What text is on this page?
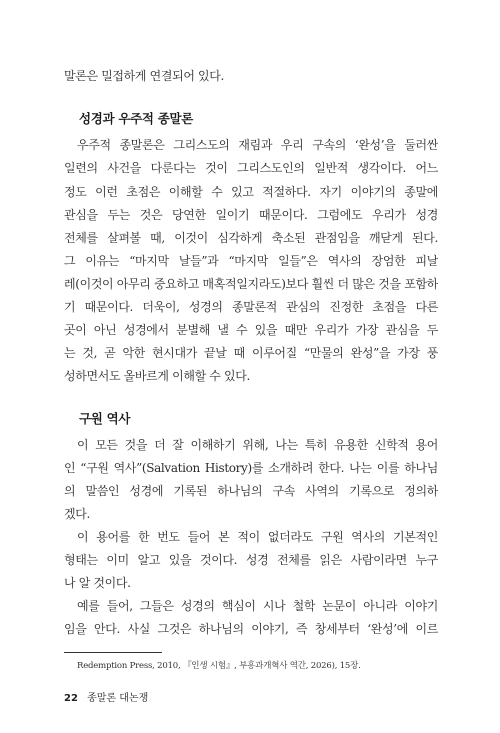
말론은 밀접하게 연결되어 있다.
성경과 우주적 종말론
우주적 종말론은 그리스도의 재림과 우리 구속의 ‘완성’을 둘러싼
일련의 사건을 다룬다는 것이 그리스도인의 일반적 생각이다. 어느
정도 이런 초점은 이해할 수 있고 적절하다. 자기 이야기의 종말에
관심을 두는 것은 당연한 일이기 때문이다. 그럼에도 우리가 성경
전체를 살펴볼 때, 이것이 심각하게 축소된 관점임을 깨닫게 된다.
그 이유는 “마지막 날들”과 “마지막 일들”은 역사의 장엄한 피날
레(이것이 아무리 중요하고 매혹적일지라도)보다 훨씬 더 많은 것을 포함하
기 때문이다. 더욱이, 성경의 종말론적 관심의 진정한 초점을 다른
곳이 아닌 성경에서 분별해 낼 수 있을 때만 우리가 가장 관심을 두
는 것, 곧 악한 현시대가 끝날 때 이루어질 “만물의 완성”을 가장 풍
성하면서도 올바르게 이해할 수 있다.
구원 역사
이 모든 것을 더 잘 이해하기 위해, 나는 특히 유용한 신학적 용어
인 “구원 역사”(Salvation History)를 소개하려 한다. 나는 이를 하나님
의 말씀인 성경에 기록된 하나님의 구속 사역의 기록으로 정의하
겠다.
이 용어를 한 번도 들어 본 적이 없더라도 구원 역사의 기본적인
형태는 이미 알고 있을 것이다. 성경 전체를 읽은 사람이라면 누구
나 알 것이다.
예를 들어, 그들은 성경의 핵심이 시나 철학 논문이 아니라 이야기
임을 안다. 사실 그것은 하나님의 이야기, 즉 창세부터 ‘완성’에 이르
Redemption Press, 2010, 『인생 시험』, 부흥과개혁사 역간, 2026), 15장.
22 종말론 대논쟁
